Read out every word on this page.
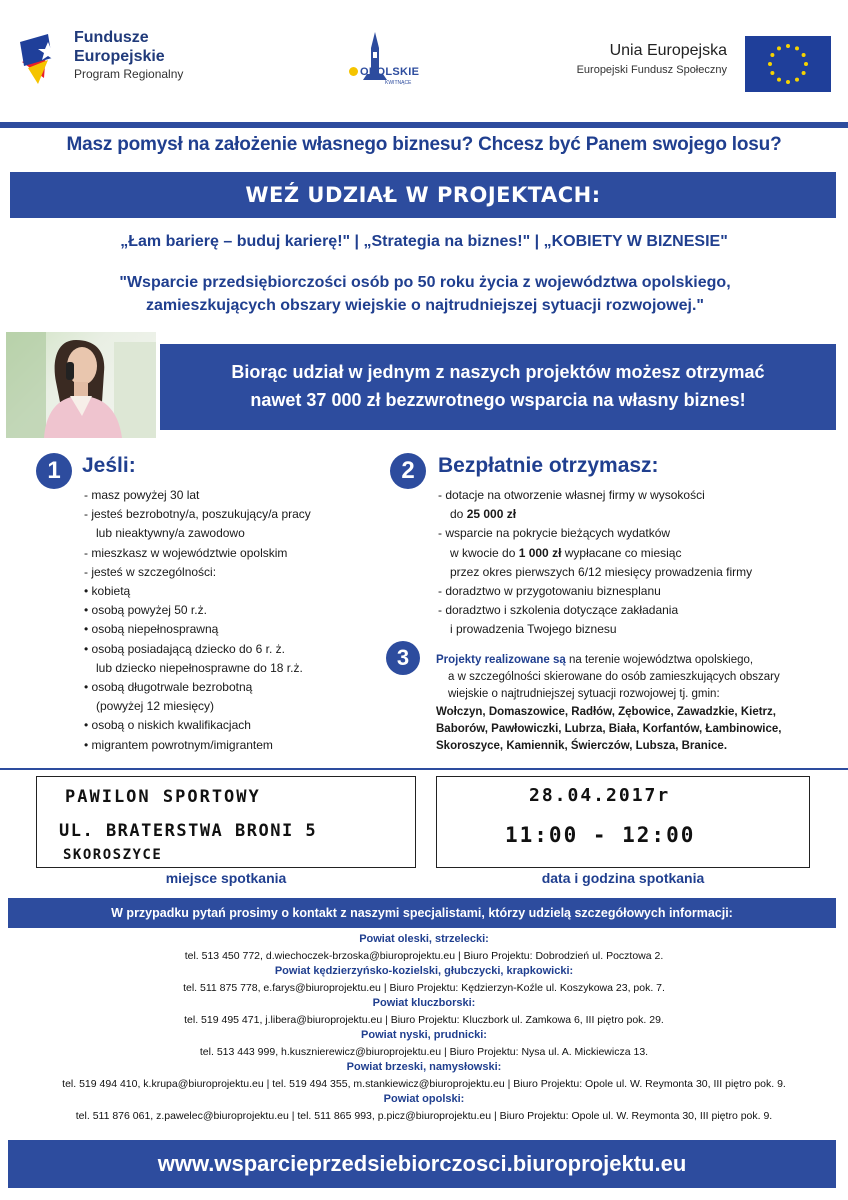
Fundusze
Europejskie
Program Regionalny	OPOLSKIE
KWITNĄCE
Unia Europejska
Europejski Fundusz Społeczny
Masz pomysł na założenie własnego biznesu? Chcesz być Panem swojego losu?
WEŹ UDZIAŁ W PROJEKTACH:
„Łam barierę – buduj karierę!" | „Strategia na biznes!" | „KOBIETY W BIZNESIE"
"Wsparcie przedsiębiorczości osób po 50 roku życia z województwa opolskiego,
zamieszkujących obszary wiejskie o najtrudniejszej sytuacji rozwojowej."
Biorąc udział w jednym z naszych projektów możesz otrzymać
nawet 37 000 zł bezzwrotnego wsparcia na własny biznes!
1	Jeśli:
- masz powyżej 30 lat
- jesteś bezrobotny/a, poszukujący/a pracy
lub nieaktywny/a zawodowo
- mieszkasz w województwie opolskim
- jesteś w szczególności:
• kobietą
• osobą powyżej 50 r.ż.
• osobą niepełnosprawną
• osobą posiadającą dziecko do 6 r. ż.
lub dziecko niepełnosprawne do 18 r.ż.
• osobą długotrwale bezrobotną
(powyżej 12 miesięcy)
• osobą o niskich kwalifikacjach
• migrantem powrotnym/imigrantem
2	Bezpłatnie otrzymasz:
- dotacje na otworzenie własnej firmy w wysokości
do 25 000 zł
- wsparcie na pokrycie bieżących wydatków
w kwocie do 1 000 zł wypłacane co miesiąc
przez okres pierwszych 6/12 miesięcy prowadzenia firmy
- doradztwo w przygotowaniu biznesplanu
- doradztwo i szkolenia dotyczące zakładania
i prowadzenia Twojego biznesu
3	Projekty realizowane są na terenie województwa opolskiego,
a w szczególności skierowane do osób zamieszkujących obszary
wiejskie o najtrudniejszej sytuacji rozwojowej tj. gmin:
Wołczyn, Domaszowice, Radłów, Zębowice, Zawadzkie, Kietrz,
Baborów, Pawłowiczki, Lubrza, Biała, Korfantów, Łambinowice,
Skoroszyce, Kamiennik, Świerczów, Lubsza, Branice.
PAWILON SPORTOWY
UL. BRATERSTWA BRONI 5
SKOROSZYCE
miejsce spotkania
28.04.2017r
11:00 - 12:00
data i godzina spotkania
W przypadku pytań prosimy o kontakt z naszymi specjalistami, którzy udzielą szczegółowych informacji:
Powiat oleski, strzelecki:
tel. 513 450 772, d.wiechoczek-brzoska@biuroprojektu.eu | Biuro Projektu: Dobrodzień ul. Pocztowa 2.
Powiat kędzierzyńsko-kozielski, głubczycki, krapkowicki:
tel. 511 875 778, e.farys@biuroprojektu.eu | Biuro Projektu: Kędzierzyn-Koźle ul. Koszykowa 23, pok. 7.
Powiat kluczborski:
tel. 519 495 471, j.libera@biuroprojektu.eu | Biuro Projektu: Kluczbork ul. Zamkowa 6, III piętro pok. 29.
Powiat nyski, prudnicki:
tel. 513 443 999, h.kusznierewicz@biuroprojektu.eu | Biuro Projektu: Nysa ul. A. Mickiewicza 13.
Powiat brzeski, namysłowski:
tel. 519 494 410, k.krupa@biuroprojektu.eu | tel. 519 494 355, m.stankiewicz@biuroprojektu.eu | Biuro Projektu: Opole ul. W. Reymonta 30, III piętro pok. 9.
Powiat opolski:
tel. 511 876 061, z.pawelec@biuroprojektu.eu | tel. 511 865 993, p.picz@biuroprojektu.eu | Biuro Projektu: Opole ul. W. Reymonta 30, III piętro pok. 9.
www.wsparcieprzedsiebiorczosci.biuroprojektu.eu
